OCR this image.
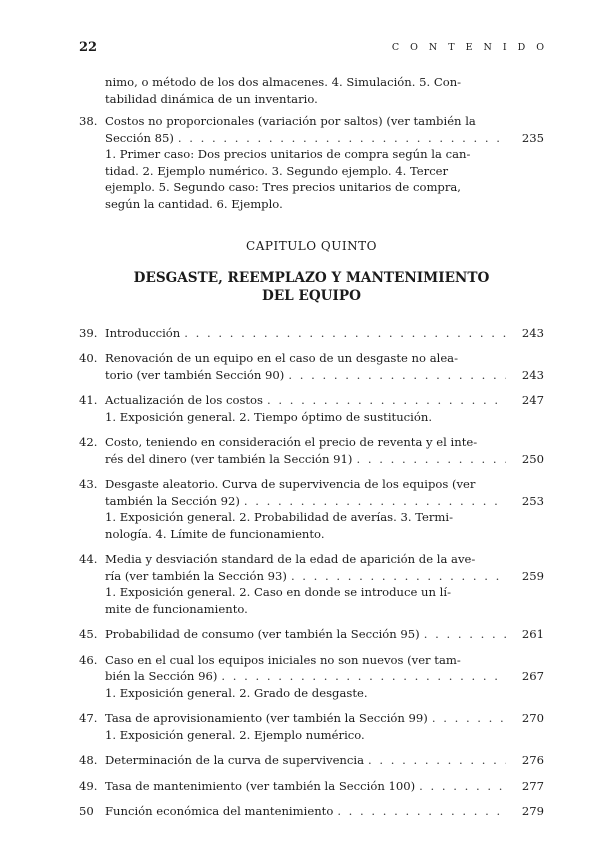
22	CONTENIDO
nimo, o método de los dos almacenes. 4. Simulación. 5. Con-
tabilidad dinámica de un inventario.
38. Costos no proporcionales (variación por saltos) (ver también la
Sección 85) . . .	235
1. Primer caso: Dos precios unitarios de compra según la can-
tidad. 2. Ejemplo numérico. 3. Segundo ejemplo. 4. Tercer
ejemplo. 5. Segundo caso: Tres precios unitarios de compra,
según la cantidad. 6. Ejemplo.
CAPITULO QUINTO
DESGASTE, REEMPLAZO Y MANTENIMIENTO
DEL EQUIPO
39. Introducción . . .	243
40. Renovación de un equipo en el caso de un desgaste no alea-
torio (ver también Sección 90) . . .	243
41. Actualización de los costos . . .	247
1. Exposición general. 2. Tiempo óptimo de sustitución.
42. Costo, teniendo en consideración el precio de reventa y el inte-
rés del dinero (ver también la Sección 91) . . .	250
43. Desgaste aleatorio. Curva de supervivencia de los equipos (ver
también la Sección 92) . . .	253
1. Exposición general. 2. Probabilidad de averías. 3. Termi-
nología. 4. Límite de funcionamiento.
44. Media y desviación standard de la edad de aparición de la ave-
ría (ver también la Sección 93) . . .	259
1. Exposición general. 2. Caso en donde se introduce un lí-
mite de funcionamiento.
45. Probabilidad de consumo (ver también la Sección 95) . . .	261
46. Caso en el cual los equipos iniciales no son nuevos (ver tam-
bién la Sección 96) . . .	267
1. Exposición general. 2. Grado de desgaste.
47. Tasa de aprovisionamiento (ver también la Sección 99) . . .	270
1. Exposición general. 2. Ejemplo numérico.
48. Determinación de la curva de supervivencia . . .	276
49. Tasa de mantenimiento (ver también la Sección 100) . . .	277
50 Función económica del mantenimiento . . .	279
